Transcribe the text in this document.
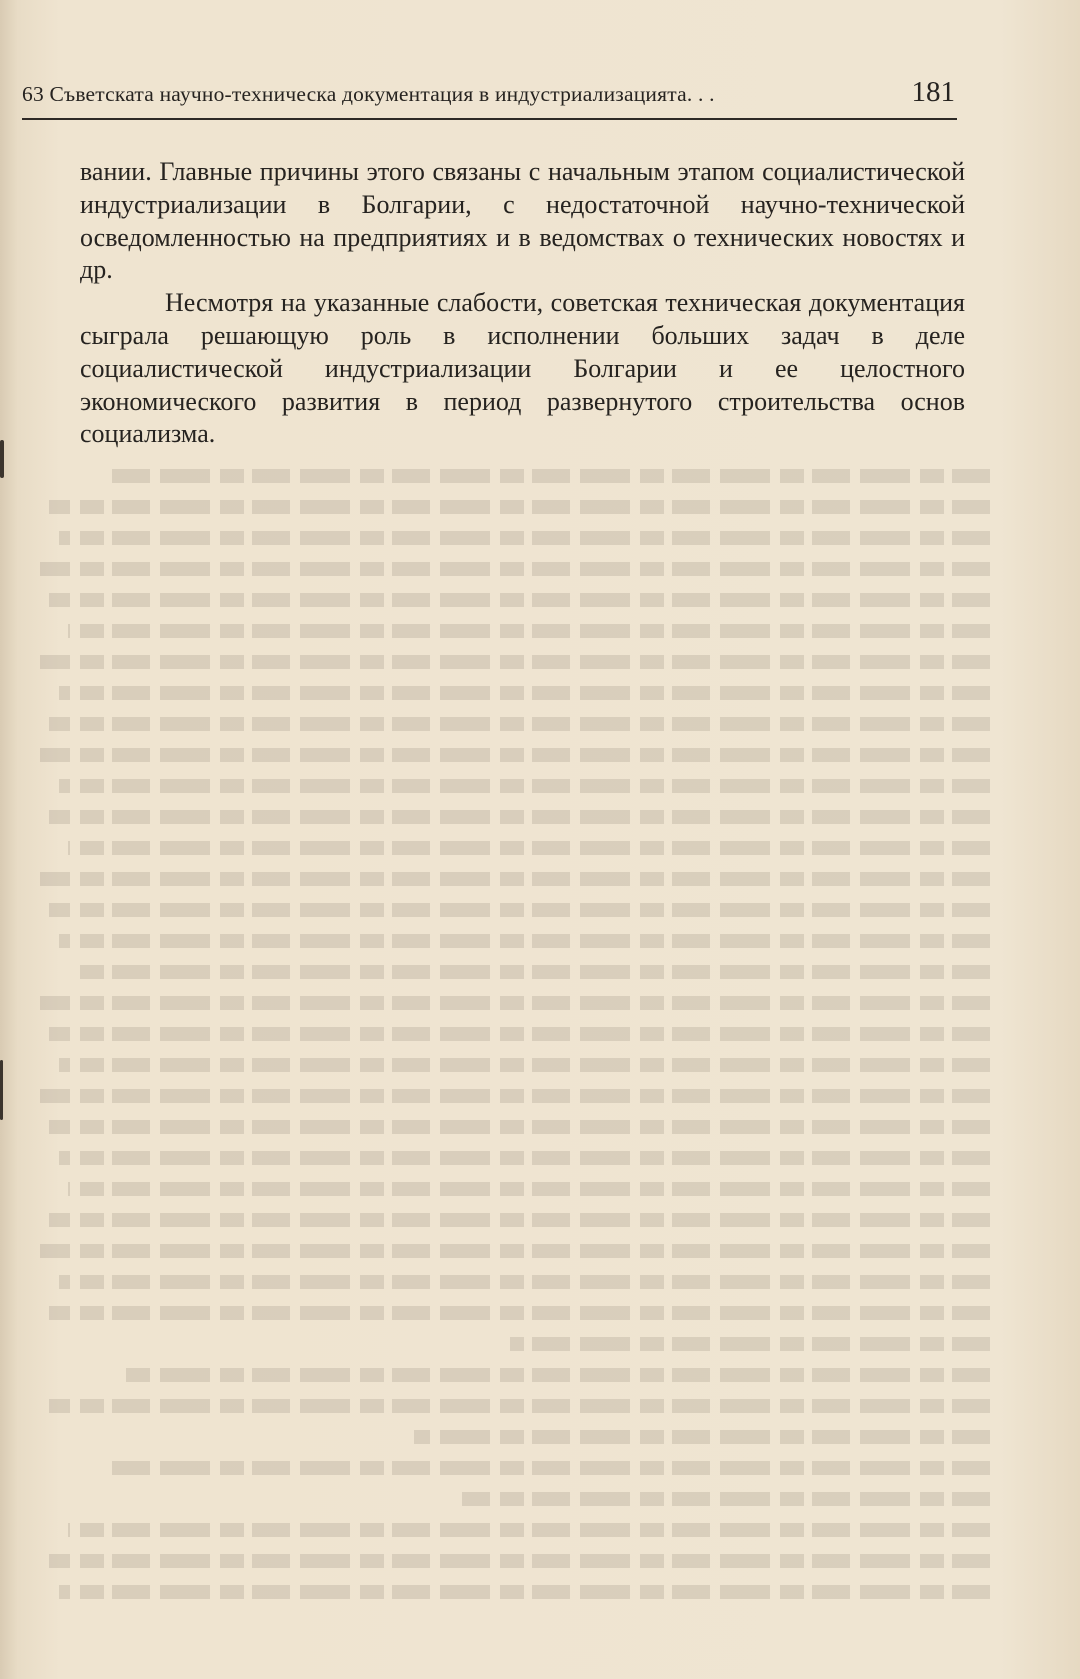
63 Съветската научно-техническа документация в индустриализацията. . .	181

вании. Главные причины этого связаны с начальным этапом социалистической индустриализации в Болгарии, с недостаточной научно-технической осведомленностью на предприятиях и в ведомствах о технических новостях и др.

Несмотря на указанные слабости, советская техническая документация сыграла решающую роль в исполнении больших задач в деле социалистической индустриализации Болгарии и ее целостного экономического развития в период развернутого строительства основ социализма.
